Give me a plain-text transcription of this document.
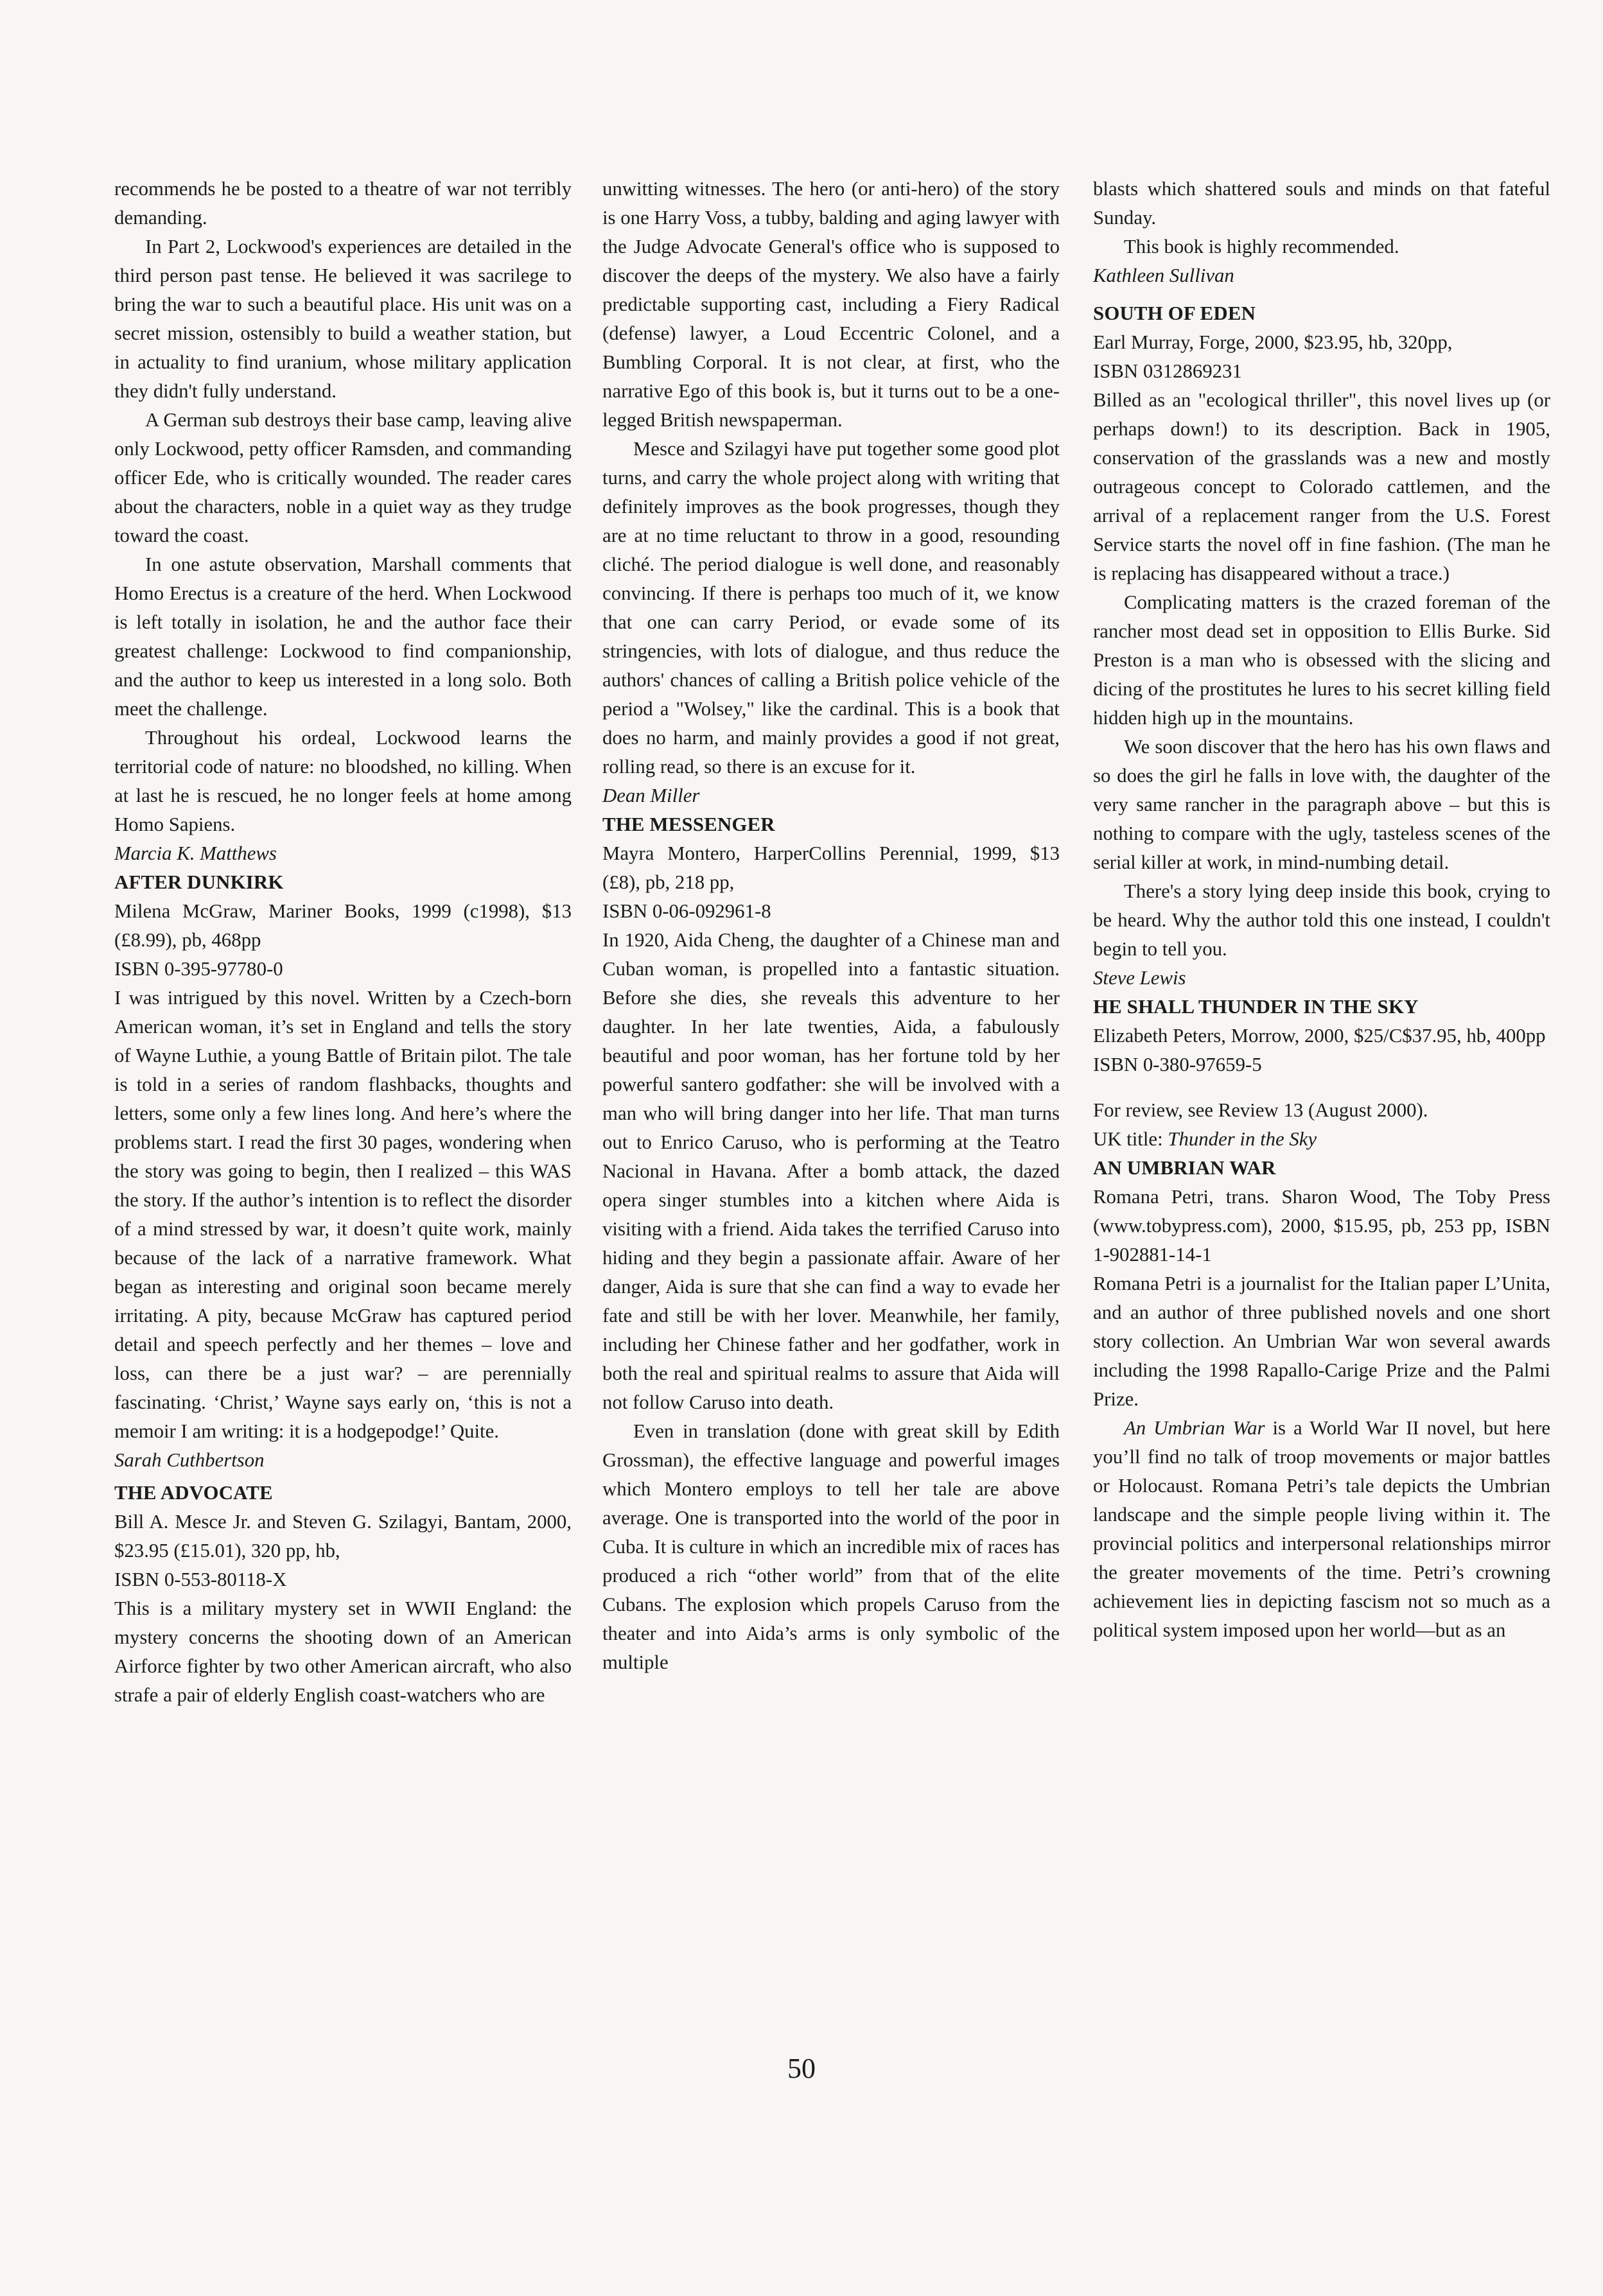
recommends he be posted to a theatre of war not terribly demanding.

In Part 2, Lockwood's experiences are detailed in the third person past tense. He believed it was sacrilege to bring the war to such a beautiful place. His unit was on a secret mission, ostensibly to build a weather station, but in actuality to find uranium, whose military application they didn't fully understand.

A German sub destroys their base camp, leaving alive only Lockwood, petty officer Ramsden, and commanding officer Ede, who is critically wounded. The reader cares about the characters, noble in a quiet way as they trudge toward the coast.

In one astute observation, Marshall comments that Homo Erectus is a creature of the herd. When Lockwood is left totally in isolation, he and the author face their greatest challenge: Lockwood to find companionship, and the author to keep us interested in a long solo. Both meet the challenge.

Throughout his ordeal, Lockwood learns the territorial code of nature: no bloodshed, no killing. When at last he is rescued, he no longer feels at home among Homo Sapiens.

Marcia K. Matthews

AFTER DUNKIRK

Milena McGraw, Mariner Books, 1999 (c1998), $13 (£8.99), pb, 468pp

ISBN 0-395-97780-0

I was intrigued by this novel. Written by a Czech-born American woman, it’s set in England and tells the story of Wayne Luthie, a young Battle of Britain pilot. The tale is told in a series of random flashbacks, thoughts and letters, some only a few lines long. And here’s where the problems start. I read the first 30 pages, wondering when the story was going to begin, then I realized – this WAS the story. If the author’s intention is to reflect the disorder of a mind stressed by war, it doesn’t quite work, mainly because of the lack of a narrative framework. What began as interesting and original soon became merely irritating. A pity, because McGraw has captured period detail and speech perfectly and her themes – love and loss, can there be a just war? – are perennially fascinating. ‘Christ,’ Wayne says early on, ‘this is not a memoir I am writing: it is a hodgepodge!’ Quite.

Sarah Cuthbertson

THE ADVOCATE

Bill A. Mesce Jr. and Steven G. Szilagyi, Bantam, 2000, $23.95 (£15.01), 320 pp, hb,

ISBN 0-553-80118-X

This is a military mystery set in WWII England: the mystery concerns the shooting down of an American Airforce fighter by two other American aircraft, who also strafe a pair of elderly English coast-watchers who are

unwitting witnesses. The hero (or anti-hero) of the story is one Harry Voss, a tubby, balding and aging lawyer with the Judge Advocate General's office who is supposed to discover the deeps of the mystery. We also have a fairly predictable supporting cast, including a Fiery Radical (defense) lawyer, a Loud Eccentric Colonel, and a Bumbling Corporal. It is not clear, at first, who the narrative Ego of this book is, but it turns out to be a one-legged British newspaperman.

Mesce and Szilagyi have put together some good plot turns, and carry the whole project along with writing that definitely improves as the book progresses, though they are at no time reluctant to throw in a good, resounding cliché. The period dialogue is well done, and reasonably convincing. If there is perhaps too much of it, we know that one can carry Period, or evade some of its stringencies, with lots of dialogue, and thus reduce the authors' chances of calling a British police vehicle of the period a "Wolsey," like the cardinal. This is a book that does no harm, and mainly provides a good if not great, rolling read, so there is an excuse for it.

Dean Miller

THE MESSENGER

Mayra Montero, HarperCollins Perennial, 1999, $13 (£8), pb, 218 pp,

ISBN 0-06-092961-8

In 1920, Aida Cheng, the daughter of a Chinese man and Cuban woman, is propelled into a fantastic situation. Before she dies, she reveals this adventure to her daughter. In her late twenties, Aida, a fabulously beautiful and poor woman, has her fortune told by her powerful santero godfather: she will be involved with a man who will bring danger into her life. That man turns out to Enrico Caruso, who is performing at the Teatro Nacional in Havana. After a bomb attack, the dazed opera singer stumbles into a kitchen where Aida is visiting with a friend. Aida takes the terrified Caruso into hiding and they begin a passionate affair. Aware of her danger, Aida is sure that she can find a way to evade her fate and still be with her lover. Meanwhile, her family, including her Chinese father and her godfather, work in both the real and spiritual realms to assure that Aida will not follow Caruso into death.

Even in translation (done with great skill by Edith Grossman), the effective language and powerful images which Montero employs to tell her tale are above average. One is transported into the world of the poor in Cuba. It is culture in which an incredible mix of races has produced a rich “other world” from that of the elite Cubans. The explosion which propels Caruso from the theater and into Aida’s arms is only symbolic of the multiple

blasts which shattered souls and minds on that fateful Sunday.

This book is highly recommended.

Kathleen Sullivan

SOUTH OF EDEN

Earl Murray, Forge, 2000, $23.95, hb, 320pp,

ISBN 0312869231

Billed as an "ecological thriller", this novel lives up (or perhaps down!) to its description. Back in 1905, conservation of the grasslands was a new and mostly outrageous concept to Colorado cattlemen, and the arrival of a replacement ranger from the U.S. Forest Service starts the novel off in fine fashion. (The man he is replacing has disappeared without a trace.)

Complicating matters is the crazed foreman of the rancher most dead set in opposition to Ellis Burke. Sid Preston is a man who is obsessed with the slicing and dicing of the prostitutes he lures to his secret killing field hidden high up in the mountains.

We soon discover that the hero has his own flaws and so does the girl he falls in love with, the daughter of the very same rancher in the paragraph above – but this is nothing to compare with the ugly, tasteless scenes of the serial killer at work, in mind-numbing detail.

There's a story lying deep inside this book, crying to be heard. Why the author told this one instead, I couldn't begin to tell you.

Steve Lewis

HE SHALL THUNDER IN THE SKY

Elizabeth Peters, Morrow, 2000, $25/C$37.95, hb, 400pp

ISBN 0-380-97659-5

For review, see Review 13 (August 2000).

UK title: Thunder in the Sky

AN UMBRIAN WAR

Romana Petri, trans. Sharon Wood, The Toby Press (www.tobypress.com), 2000, $15.95, pb, 253 pp, ISBN 1-902881-14-1

Romana Petri is a journalist for the Italian paper L’Unita, and an author of three published novels and one short story collection. An Umbrian War won several awards including the 1998 Rapallo-Carige Prize and the Palmi Prize.

An Umbrian War is a World War II novel, but here you’ll find no talk of troop movements or major battles or Holocaust. Romana Petri’s tale depicts the Umbrian landscape and the simple people living within it. The provincial politics and interpersonal relationships mirror the greater movements of the time. Petri’s crowning achievement lies in depicting fascism not so much as a political system imposed upon her world—but as an

50
